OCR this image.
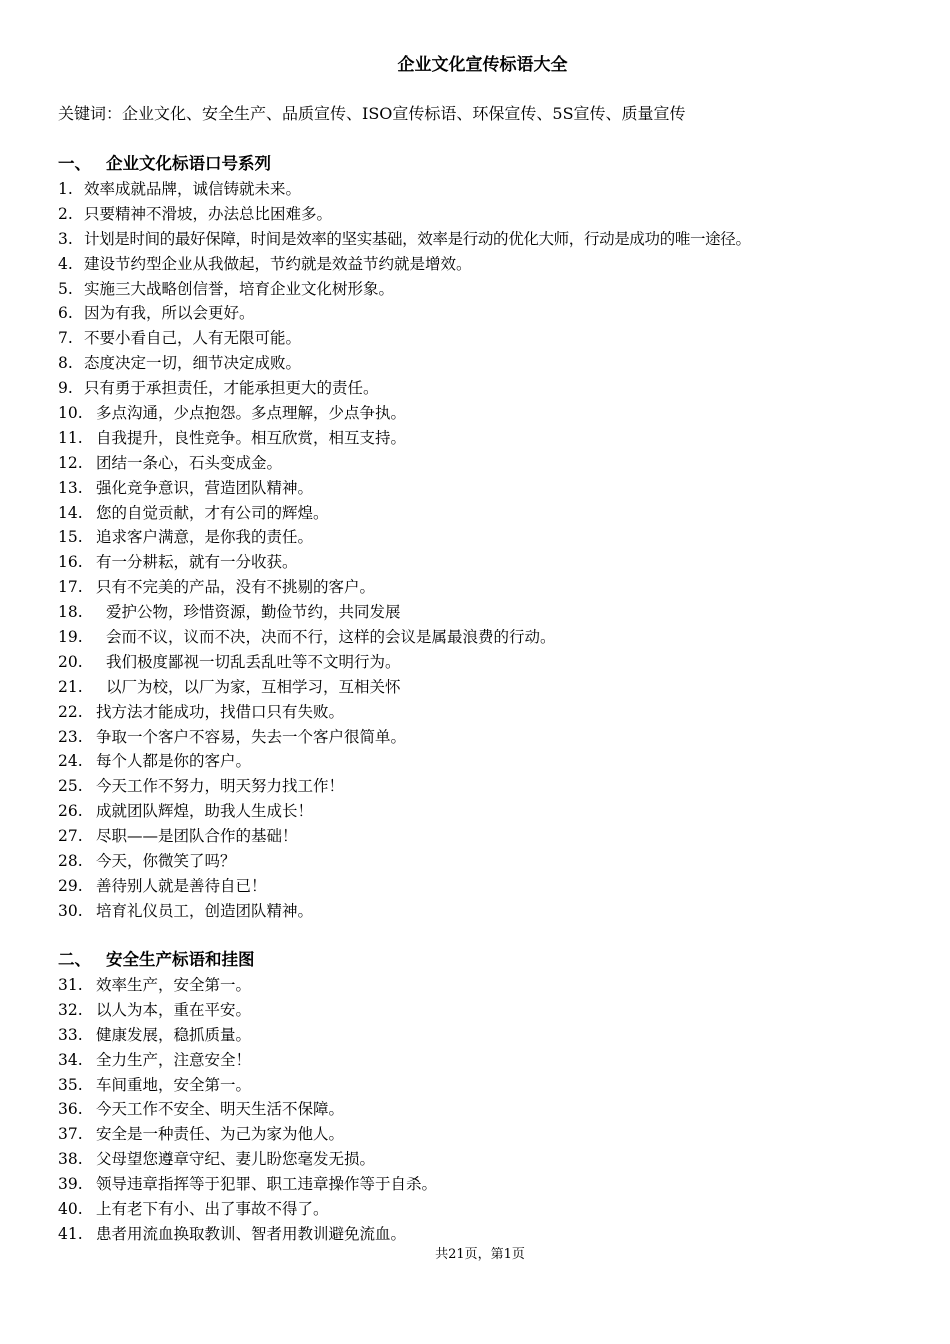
企业文化宣传标语大全
关键词：企业文化、安全生产、品质宣传、ISO宣传标语、环保宣传、5S宣传、质量宣传
一、 企业文化标语口号系列
1. 效率成就品牌，诚信铸就未来。
2. 只要精神不滑坡，办法总比困难多。
3. 计划是时间的最好保障，时间是效率的坚实基础，效率是行动的优化大师，行动是成功的唯一途径。
4. 建设节约型企业从我做起，节约就是效益节约就是增效。
5. 实施三大战略创信誉，培育企业文化树形象。
6. 因为有我，所以会更好。
7. 不要小看自己，人有无限可能。
8. 态度决定一切，细节决定成败。
9. 只有勇于承担责任，才能承担更大的责任。
10. 多点沟通，少点抱怨。多点理解，少点争执。
11. 自我提升，良性竞争。相互欣赏，相互支持。
12. 团结一条心，石头变成金。
13. 强化竞争意识，营造团队精神。
14. 您的自觉贡献，才有公司的辉煌。
15. 追求客户满意，是你我的责任。
16. 有一分耕耘，就有一分收获。
17. 只有不完美的产品，没有不挑剔的客户。
18. 爱护公物，珍惜资源，勤俭节约，共同发展
19. 会而不议，议而不决，决而不行，这样的会议是属最浪费的行动。
20. 我们极度鄙视一切乱丢乱吐等不文明行为。
21. 以厂为校，以厂为家，互相学习，互相关怀
22. 找方法才能成功，找借口只有失败。
23. 争取一个客户不容易，失去一个客户很简单。
24. 每个人都是你的客户。
25. 今天工作不努力，明天努力找工作！
26. 成就团队辉煌，助我人生成长！
27. 尽职——是团队合作的基础！
28. 今天，你微笑了吗？
29. 善待别人就是善待自已！
30. 培育礼仪员工，创造团队精神。
二、 安全生产标语和挂图
31. 效率生产，安全第一。
32. 以人为本，重在平安。
33. 健康发展，稳抓质量。
34. 全力生产，注意安全！
35. 车间重地，安全第一。
36. 今天工作不安全、明天生活不保障。
37. 安全是一种责任、为己为家为他人。
38. 父母望您遵章守纪、妻儿盼您毫发无损。
39. 领导违章指挥等于犯罪、职工违章操作等于自杀。
40. 上有老下有小、出了事故不得了。
41. 患者用流血换取教训、智者用教训避免流血。
共21页，第1页
